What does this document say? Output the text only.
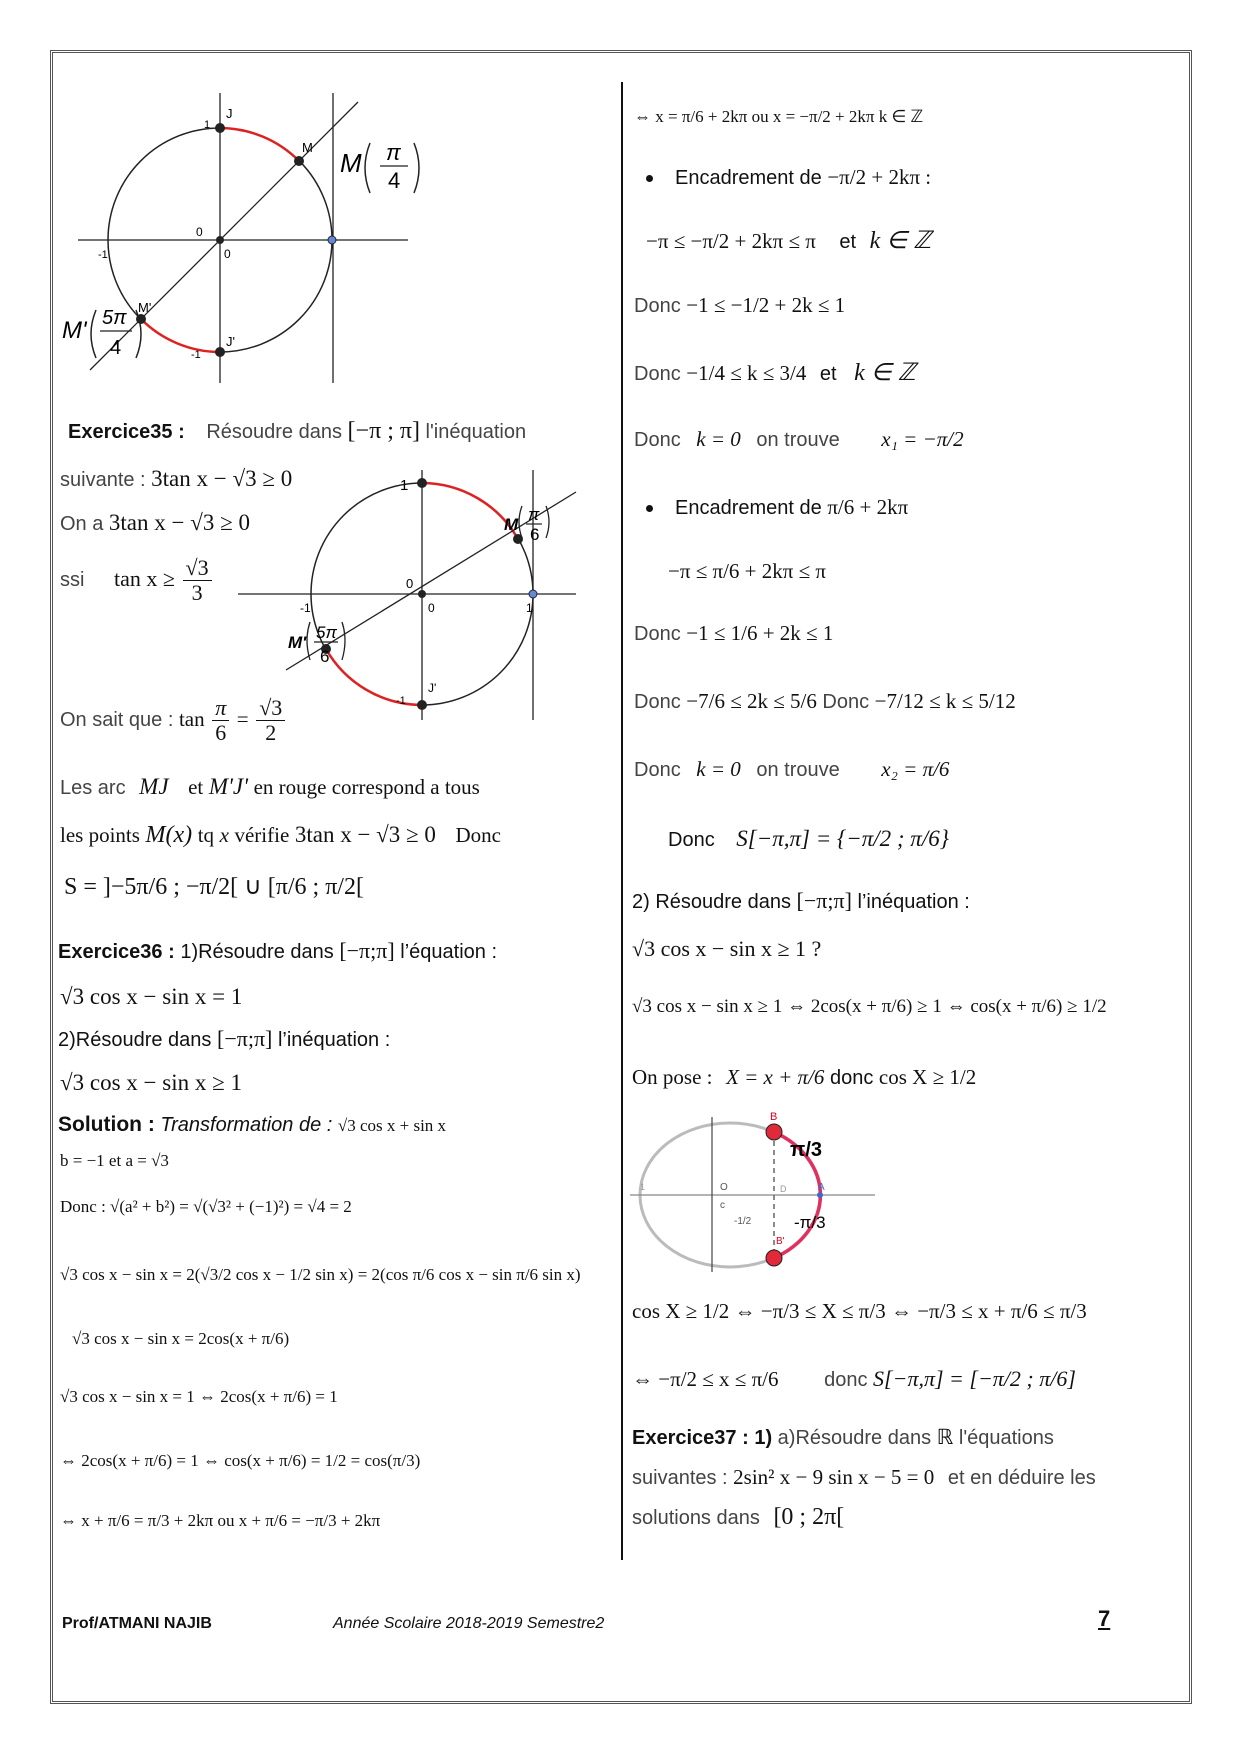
J
1
M
0
0
-1
M'
J'
-1
M π
4
M' 5π
4
Exercice35 : Résoudre dans [−π ; π] l'inéquation
suivante : 3tan x − √3 ≥ 0
On a 3tan x − √3 ≥ 0
ssi $\tan x \ge \frac{√3}{3}$
On sait que : $\tan \frac{\pi}{6} = \frac{√3}{2}$
1
0
0
-1	1
J'
-1
M
π
6
M'
5π
6
Les arc MJ et M'J' en rouge correspond a tous
les points M(x) tq x vérifie 3tan x − √3 ≥ 0 Donc
S = ]−5π/6 ; −π/2[ ∪ [π/6 ; π/2[
Exercice36 : 1)Résoudre dans [−π;π] l’équation :
√3 cos x − sin x = 1
2)Résoudre dans [−π;π] l’inéquation :
√3 cos x − sin x ≥ 1
Solution : Transformation de : √3 cos x + sin x
b = −1 et a = √3
Donc : √(a² + b²) = √(√3² + (−1)²) = √4 = 2
√3 cos x − sin x = 2(√3/2 cos x − 1/2 sin x) = 2(cos π/6 cos x − sin π/6 sin x)
√3 cos x − sin x = 2cos(x + π/6)
√3 cos x − sin x = 1 ⇔ 2cos(x + π/6) = 1
⇔ 2cos(x + π/6) = 1 ⇔ cos(x + π/6) = 1/2 = cos(π/3)
⇔ x + π/6 = π/3 + 2kπ ou x + π/6 = −π/3 + 2kπ
⇔ x = π/6 + 2kπ ou x = −π/2 + 2kπ k ∈ ℤ
Encadrement de −π/2 + 2kπ :
−π ≤ −π/2 + 2kπ ≤ π et k ∈ ℤ
Donc −1 ≤ −1/2 + 2k ≤ 1
Donc −1/4 ≤ k ≤ 3/4 et k ∈ ℤ
Donc k = 0 on trouve x₁ = −π/2
Encadrement de π/6 + 2kπ
−π ≤ π/6 + 2kπ ≤ π
Donc −1 ≤ 1/6 + 2k ≤ 1
Donc −7/6 ≤ 2k ≤ 5/6 Donc −7/12 ≤ k ≤ 5/12
Donc k = 0 on trouve x₂ = π/6
Donc S[−π,π] = {−π/2 ; π/6}
2) Résoudre dans [−π;π] l’inéquation :
√3 cos x − sin x ≥ 1 ?
√3 cos x − sin x ≥ 1 ⇔ 2cos(x + π/6) ≥ 1 ⇔ cos(x + π/6) ≥ 1/2
On pose : X = x + π/6 donc cos X ≥ 1/2
B
B'
π/3
-π/3
-1/2
O
c
A
1	D
cos X ≥ 1/2 ⇔ −π/3 ≤ X ≤ π/3 ⇔ −π/3 ≤ x + π/6 ≤ π/3
⇔ −π/2 ≤ x ≤ π/6 donc S[−π,π] = [−π/2 ; π/6]
Exercice37 : 1) a)Résoudre dans ℝ l'équations
suivantes : 2sin² x − 9 sin x − 5 = 0 et en déduire les
solutions dans [0 ; 2π[
Prof/ATMANI NAJIB	Année Scolaire 2018-2019 Semestre2	7
